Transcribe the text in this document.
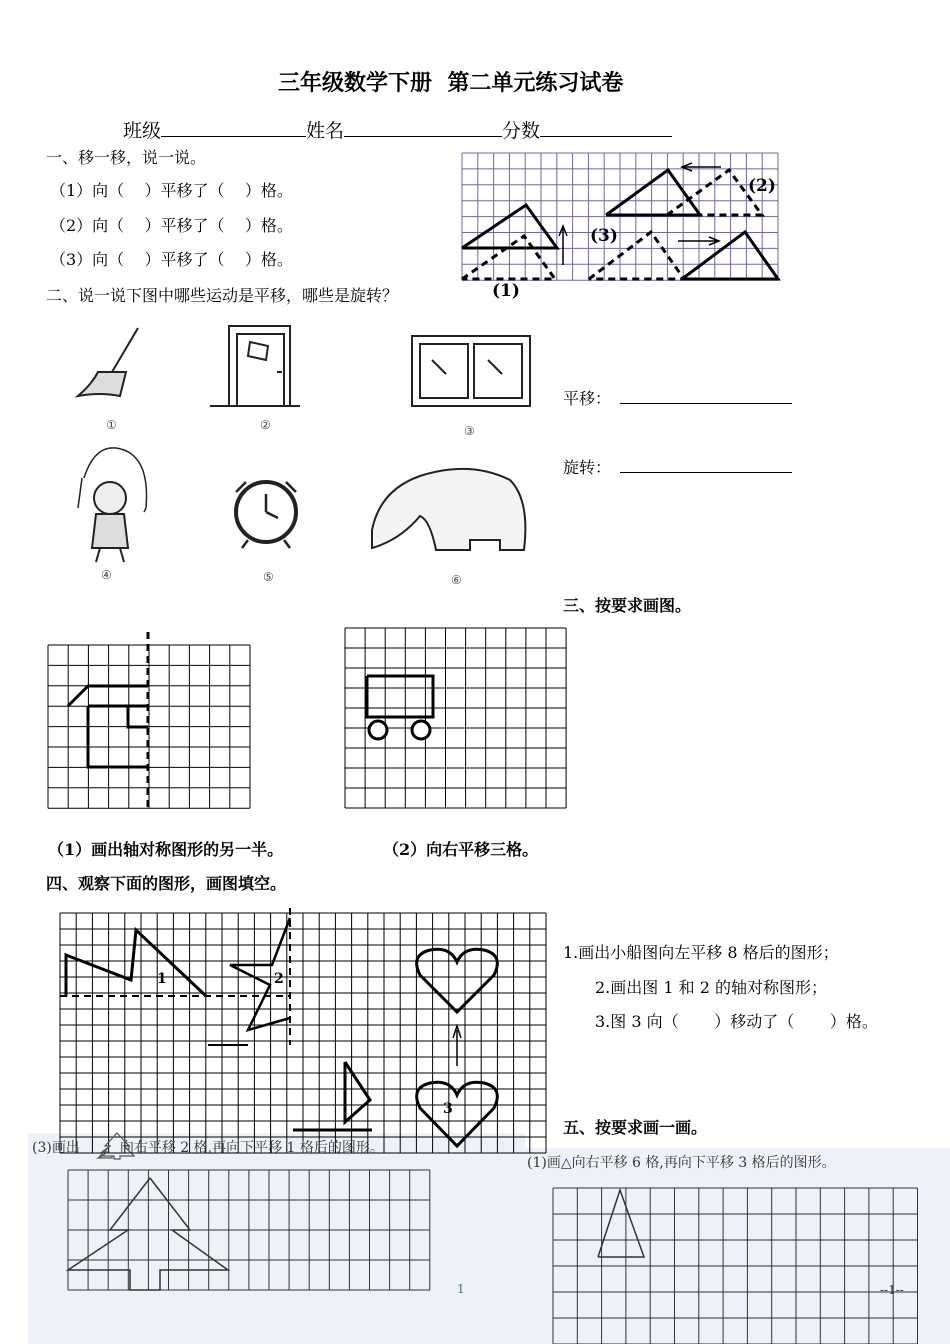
三年级数学下册  第二单元练习试卷
班级	姓名	分数
一、移一移，说一说。
（1）向（    ）平移了（    ）格。
（2）向（    ）平移了（    ）格。
（3）向（    ）平移了（    ）格。
(1)
(2)
(3)
二、说一说下图中哪些运动是平移，哪些是旋转？
①	②	③
④	⑤	⑥
平移：
旋转：
三、按要求画图。
（1）画出轴对称图形的另一半。	（2）向右平移三格。
四、观察下面的图形，画图填空。
1	2
3
1.画出小船图向左平移 8 格后的图形；
2.画出图 1 和 2 的轴对称图形；
3.图 3 向（       ）移动了（       ）格。
五、按要求画一画。
(3)画出	向右平移 2 格,再向下平移 1 格后的图形。
(1)画△向右平移 6 格,再向下平移 3 格后的图形。
1	--1--
